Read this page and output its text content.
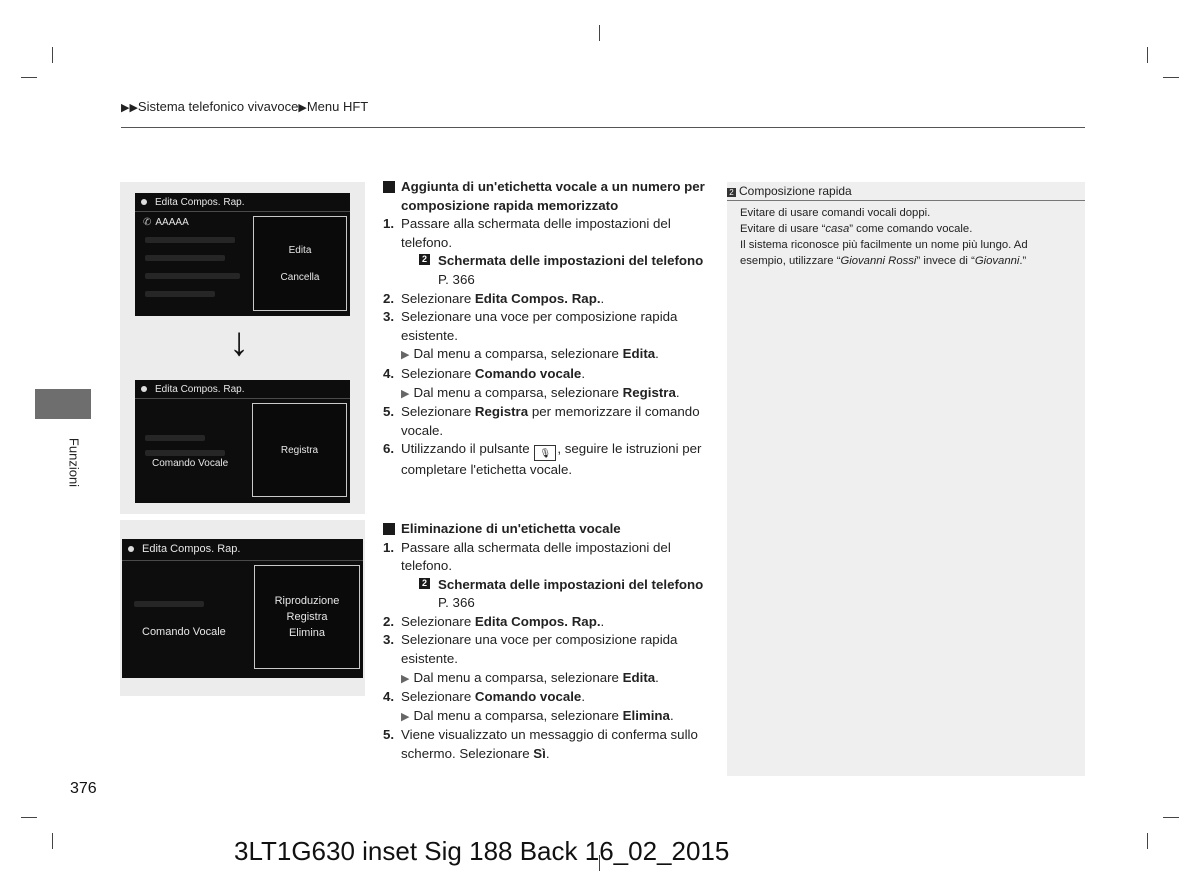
▶▶Sistema telefonico vivavoce▶Menu HFT
Funzioni
Edita Compos. Rap.
✆ AAAAA
Edita
Cancella
↓
Edita Compos. Rap.
Comando Vocale
Registra
Edita Compos. Rap.
Comando Vocale
Riproduzione
Registra
Elimina
Aggiunta di un'etichetta vocale a un numero per composizione rapida memorizzato
1. Passare alla schermata delle impostazioni del telefono.
2 Schermata delle impostazioni del telefono P. 366
2. Selezionare Edita Compos. Rap..
3. Selezionare una voce per composizione rapida esistente.
▶ Dal menu a comparsa, selezionare Edita.
4. Selezionare Comando vocale.
▶ Dal menu a comparsa, selezionare Registra.
5. Selezionare Registra per memorizzare il comando vocale.
6. Utilizzando il pulsante 🎙 , seguire le istruzioni per completare l'etichetta vocale.
Eliminazione di un'etichetta vocale
1. Passare alla schermata delle impostazioni del telefono.
2 Schermata delle impostazioni del telefono P. 366
2. Selezionare Edita Compos. Rap..
3. Selezionare una voce per composizione rapida esistente.
▶ Dal menu a comparsa, selezionare Edita.
4. Selezionare Comando vocale.
▶ Dal menu a comparsa, selezionare Elimina.
5. Viene visualizzato un messaggio di conferma sullo schermo. Selezionare Sì.
2 Composizione rapida
Evitare di usare comandi vocali doppi.
Evitare di usare “casa” come comando vocale.
Il sistema riconosce più facilmente un nome più lungo. Ad esempio, utilizzare “Giovanni Rossi” invece di “Giovanni.”
376
3LT1G630 inset Sig 188 Back 16_02_2015
